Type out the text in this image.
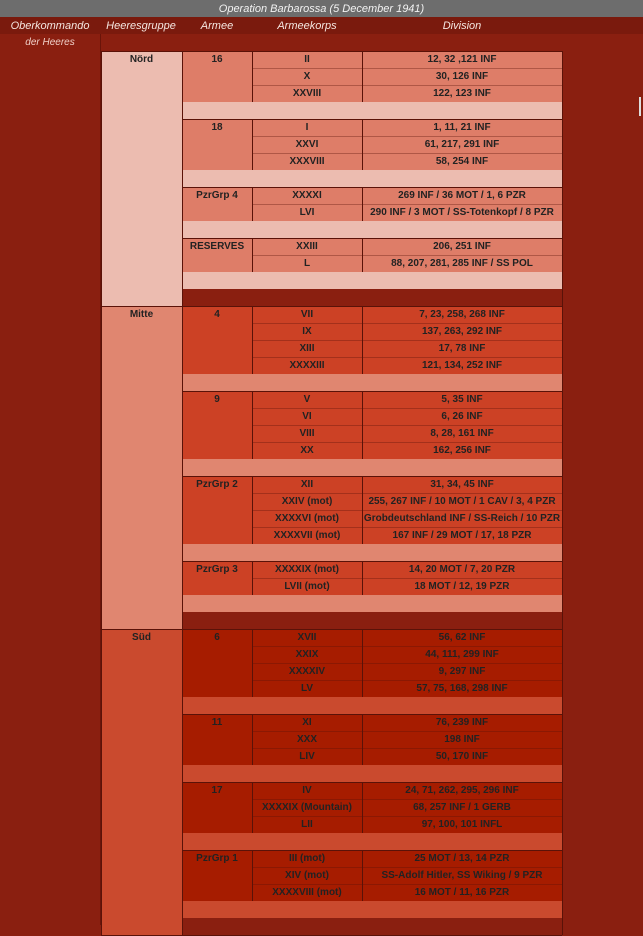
Operation Barbarossa (5 December 1941)
Oberkommando	Heeresgruppe	Armee	Armeekorps	Division
der Heeres
Nörd	16	II	12, 32 ,121 INF
X	30, 126 INF
XXVIII	122, 123 INF
18	I	1, 11, 21 INF
XXVI	61, 217, 291 INF
XXXVIII	58, 254 INF
PzrGrp 4	XXXXI	269 INF / 36 MOT / 1, 6 PZR
LVI	290 INF / 3 MOT / SS-Totenkopf / 8 PZR
RESERVES	XXIII	206, 251 INF
L	88, 207, 281, 285 INF / SS POL
Mitte	4	VII	7, 23, 258, 268 INF
IX	137, 263, 292 INF
XIII	17, 78 INF
XXXXIII	121, 134, 252 INF
9	V	5, 35 INF
VI	6, 26 INF
VIII	8, 28, 161 INF
XX	162, 256 INF
PzrGrp 2	XII	31, 34, 45 INF
XXIV (mot)	255, 267 INF / 10 MOT / 1 CAV / 3, 4 PZR
XXXXVI (mot)	Grobdeutschland INF / SS-Reich / 10 PZR
XXXXVII (mot)	167 INF / 29 MOT / 17, 18 PZR
PzrGrp 3	XXXXIX (mot)	14, 20 MOT / 7, 20 PZR
LVII (mot)	18 MOT / 12, 19 PZR
Süd	6	XVII	56, 62 INF
XXIX	44, 111, 299 INF
XXXXIV	9, 297 INF
LV	57, 75, 168, 298 INF
11	XI	76, 239 INF
XXX	198 INF
LIV	50, 170 INF
17	IV	24, 71, 262, 295, 296 INF
XXXXIX (Mountain)	68, 257 INF / 1 GERB
LII	97, 100, 101 INFL
PzrGrp 1	III (mot)	25 MOT / 13, 14 PZR
XIV (mot)	SS-Adolf Hitler, SS Wiking / 9 PZR
XXXXVIII (mot)	16 MOT / 11, 16 PZR
